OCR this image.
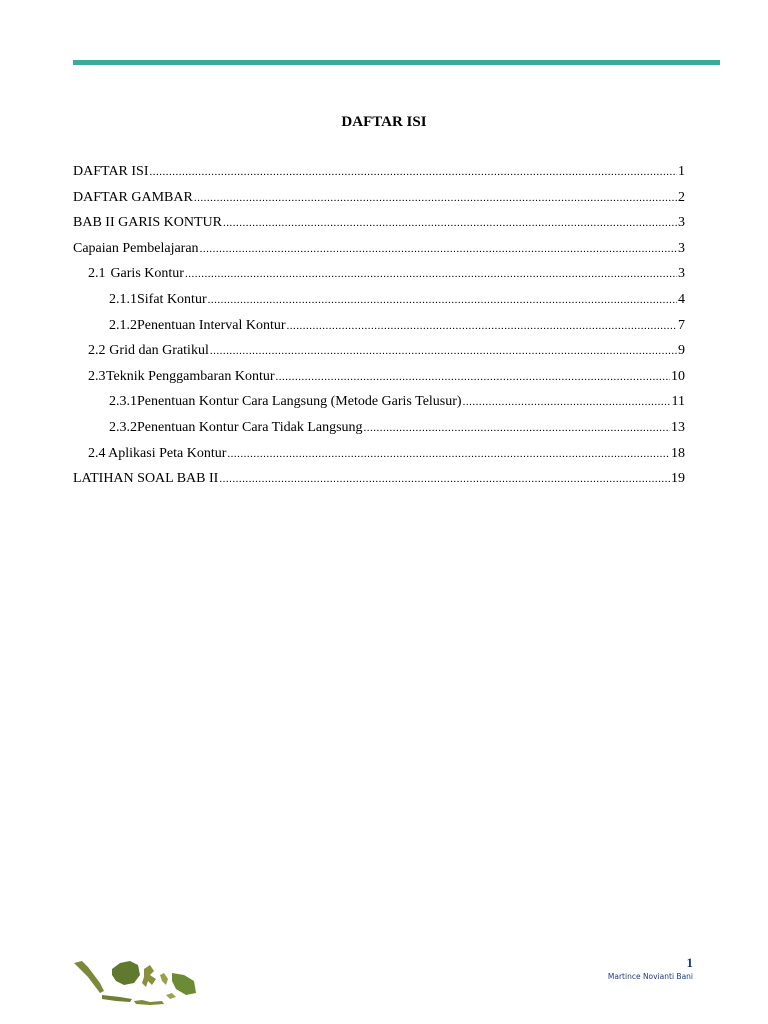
DAFTAR ISI
DAFTAR ISI .....	1
DAFTAR GAMBAR .....	2
BAB II GARIS KONTUR .....	3
Capaian Pembelajaran .....	3
2.1 Garis Kontur .....	3
2.1.1 Sifat Kontur .....	4
2.1.2 Penentuan Interval Kontur .....	7
2.2 Grid dan Gratikul .....	9
2.3 Teknik Penggambaran Kontur .....	10
2.3.1 Penentuan Kontur Cara Langsung (Metode Garis Telusur) .....	11
2.3.2 Penentuan Kontur Cara Tidak Langsung .....	13
2.4 Aplikasi Peta Kontur .....	18
LATIHAN SOAL BAB II .....	19
1
Martince Novianti Bani
